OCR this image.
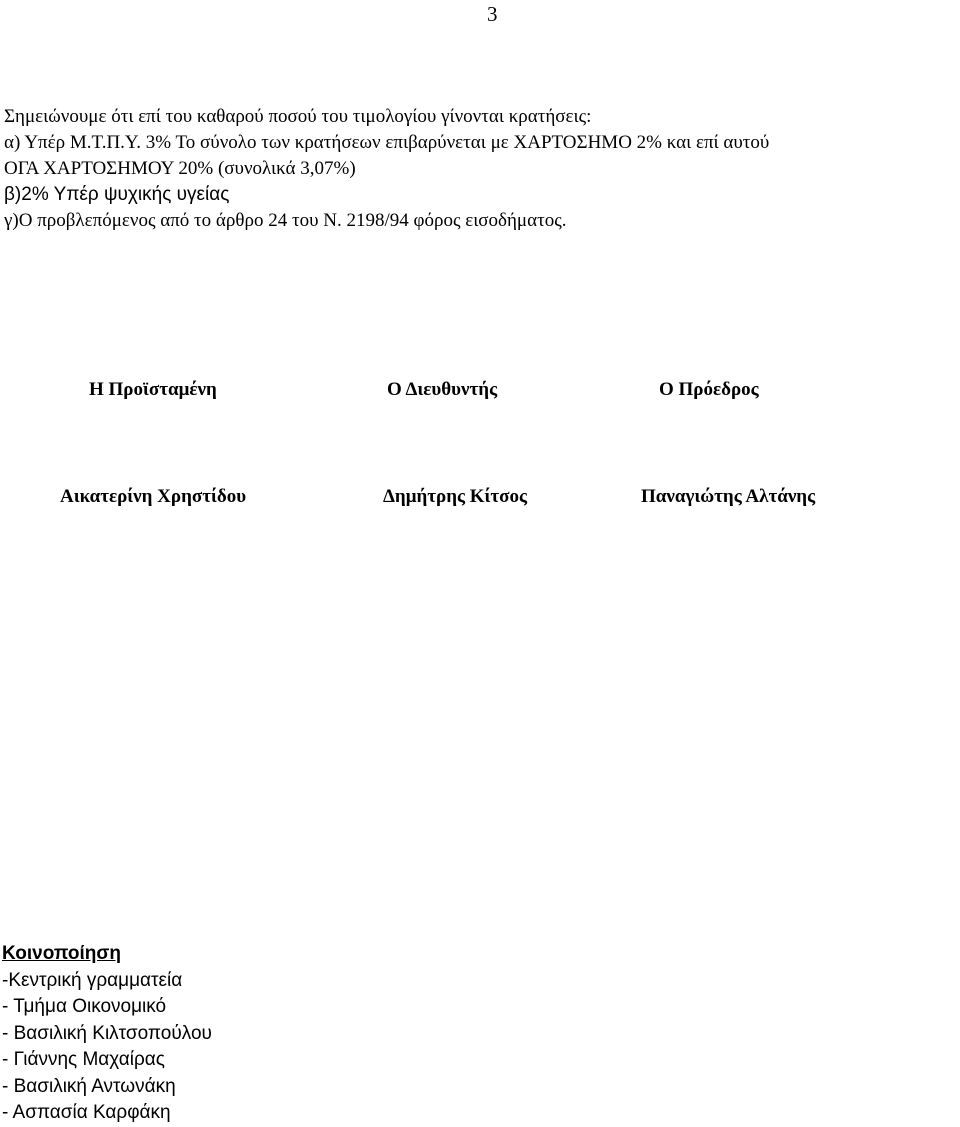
3
Σημειώνουμε ότι επί του καθαρού ποσού του τιμολογίου γίνονται κρατήσεις:
α) Υπέρ Μ.Τ.Π.Υ. 3% Το σύνολο των κρατήσεων επιβαρύνεται με ΧΑΡΤΟΣΗΜΟ 2% και επί αυτού
ΟΓΑ ΧΑΡΤΟΣΗΜΟΥ 20% (συνολικά 3,07%)
β)2% Υπέρ ψυχικής υγείας
γ)Ο προβλεπόμενος από το άρθρο 24 του Ν. 2198/94 φόρος εισοδήματος.
Η Προϊσταμένη	Ο Διευθυντής	Ο Πρόεδρος
Αικατερίνη Χρηστίδου	Δημήτρης Κίτσος	Παναγιώτης Αλτάνης
Κοινοποίηση
-Κεντρική γραμματεία
- Τμήμα Οικονομικό
- Βασιλική Κιλτσοπούλου
- Γιάννης Μαχαίρας
- Βασιλική Αντωνάκη
- Ασπασία Καρφάκη
